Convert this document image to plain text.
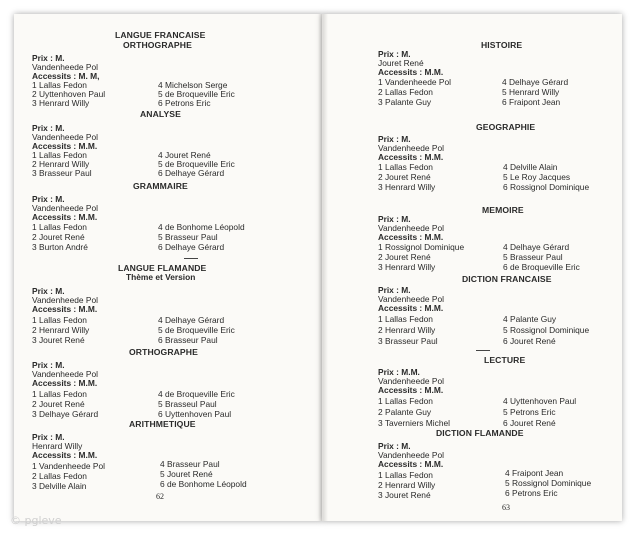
LANGUE FRANCAISE
ORTHOGRAPHE
Prix : M.
Vandenheede Pol
Accessits : M. M,
1 Lallas Fedon
2 Uyttenhoven Paul
3 Henrard Willy
4 Michelson Serge
5 de Broqueville Eric
6 Petrons Eric
ANALYSE
Prix : M.
Vandenheede Pol
Accessits : M.M.
1 Lallas Fedon
2 Henrard Willy
3 Brasseur Paul
4 Jouret René
5 de Broqueville Eric
6 Delhaye Gérard
GRAMMAIRE
Prix : M.
Vandenheede Pol
Accessits : M.M.
1 Lallas Fedon
2 Jouret René
3 Burton André
4 de Bonhome Léopold
5 Brasseur Paul
6 Delhaye Gérard
LANGUE FLAMANDE
Thème et Version
Prix : M.
Vandenheede Pol
Accessits : M.M.
1 Lallas Fedon
2 Henrard Willy
3 Jouret René
4 Delhaye Gérard
5 de Broqueville Eric
6 Brasseur Paul
ORTHOGRAPHE
Prix : M.
Vandenheede Pol
Accessits : M.M.
1 Lallas Fedon
2 Jouret René
3 Delhaye Gérard
4 de Broqueville Eric
5 Brasseul Paul
6 Uyttenhoven Paul
ARITHMETIQUE
Prix : M.
Henrard Willy
Accessits : M.M.
1 Vandenheede Pol
2 Lallas Fedon
3 Delville Alain
4 Brasseur Paul
5 Jouret René
6 de Bonhome Léopold
62
HISTOIRE
Prix : M.
Jouret René
Accessits : M.M.
1 Vandenheede Pol
2 Lallas Fedon
3 Palante Guy
4 Delhaye Gérard
5 Henrard Willy
6 Fraipont Jean
GEOGRAPHIE
Prix : M.
Vandenheede Pol
Accessits : M.M.
1 Lallas Fedon
2 Jouret René
3 Henrard Willy
4 Delville Alain
5 Le Roy Jacques
6 Rossignol Dominique
MEMOIRE
Prix : M.
Vandenheede Pol
Accessits : M.M.
1 Rossignol Dominique
2 Jouret René
3 Henrard Willy
4 Delhaye Gérard
5 Brasseur Paul
6 de Broqueville Eric
DICTION FRANCAISE
Prix : M.
Vandenheede Pol
Accessits : M.M.
1 Lallas Fedon
2 Henrard Willy
3 Brasseur Paul
4 Palante Guy
5 Rossignol Dominique
6 Jouret René
LECTURE
Prix : M.M.
Vandenheede Pol
Accessits : M.M.
1 Lallas Fedon
2 Palante Guy
3 Taverniers Michel
4 Uyttenhoven Paul
5 Petrons Eric
6 Jouret René
DICTION FLAMANDE
Prix : M.
Vandenheede Pol
Accessits : M.M.
1 Lallas Fedon
2 Henrard Willy
3 Jouret René
4 Fraipont Jean
5 Rossignol Dominique
6 Petrons Eric
63
© pgleve
